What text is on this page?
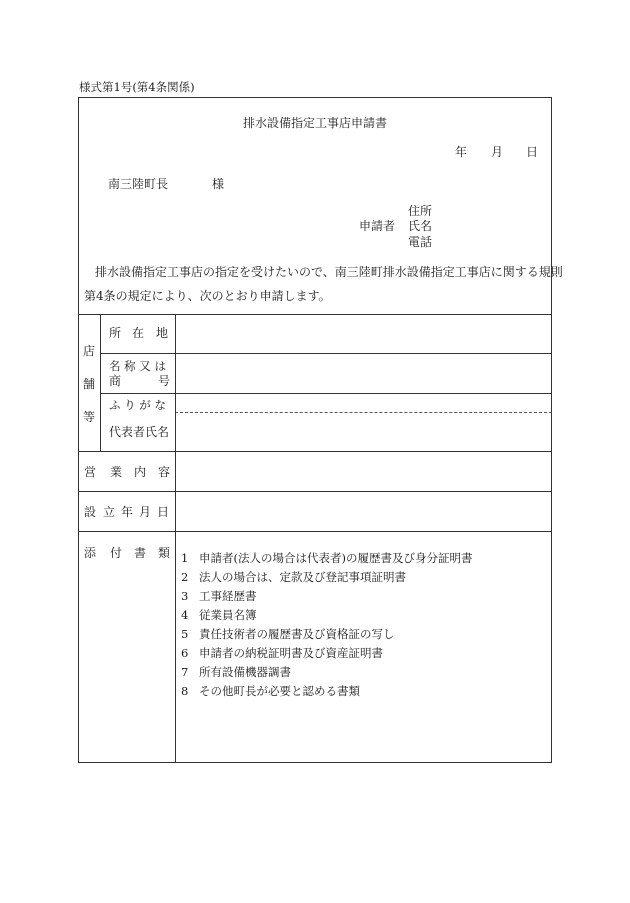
様式第1号(第4条関係)
排水設備指定工事店申請書
年 月 日
南三陸町長	様
住所
申請者 氏名
電話
排水設備指定工事店の指定を受けたいので、南三陸町排水設備指定工事店に関する規則
第4条の規定により、次のとおり申請します。
店
舗
等
所 在 地
名 称 又 は
商	号
ふ り が な
代表者氏名
営 業 内 容
設 立 年 月 日
添 付 書 類 1 申請者(法人の場合は代表者)の履歴書及び身分証明書
2 法人の場合は、定款及び登記事項証明書
3 工事経歴書
4 従業員名簿
5 責任技術者の履歴書及び資格証の写し
6 申請者の納税証明書及び資産証明書
7 所有設備機器調書
8 その他町長が必要と認める書類
